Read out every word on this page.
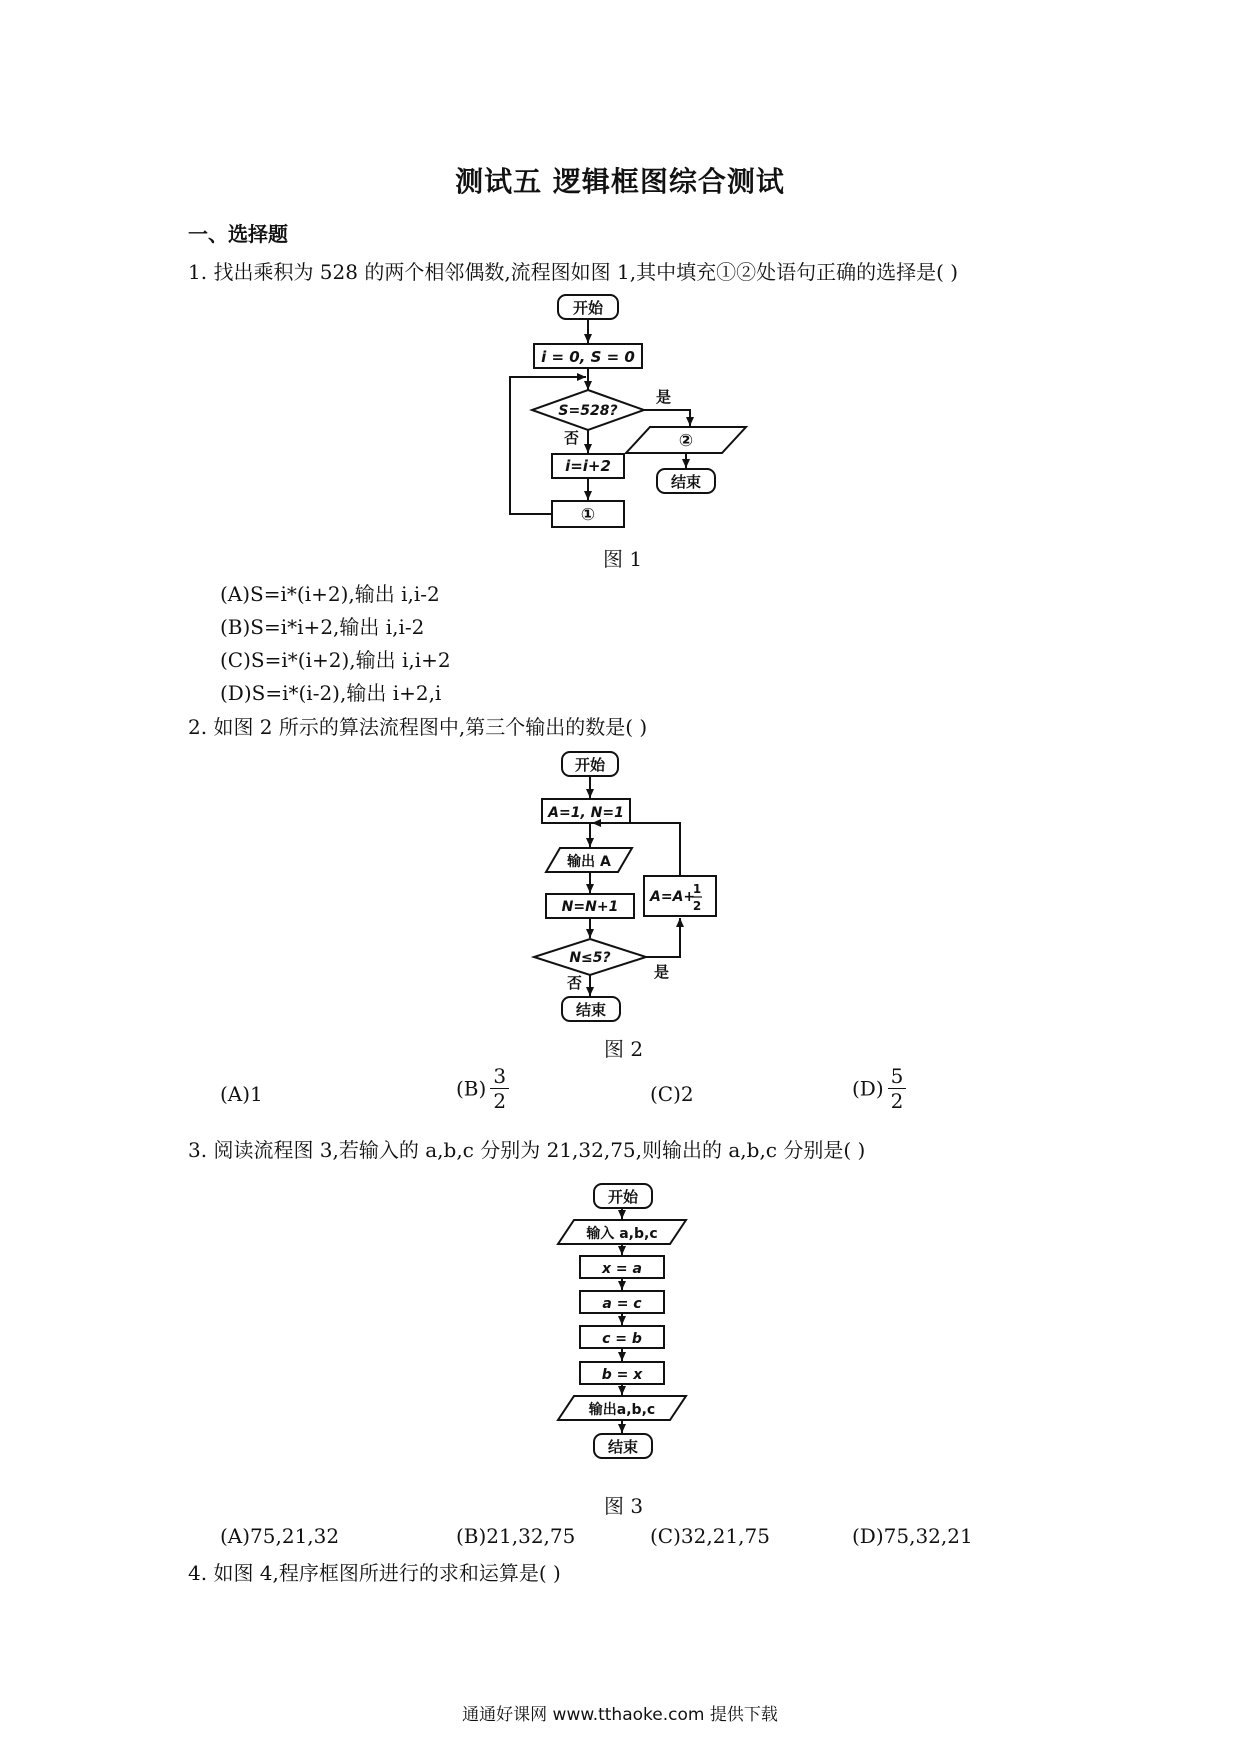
测试五 逻辑框图综合测试
一、选择题
1. 找出乘积为 528 的两个相邻偶数,流程图如图 1,其中填充①②处语句正确的选择是( )
开始
i = 0, S = 0
S=528?
是
否
i=i+2
①
②
结束
开始
A=1, N=1
输出 A
N=N+1
N≤5?
是
否
结束
A=A+
1
2
开始
输入 a,b,c
x = a
a = c
c = b
b = x
输出a,b,c
结束
图 1
(A)S=i*(i+2),输出 i,i-2
(B)S=i*i+2,输出 i,i-2
(C)S=i*(i+2),输出 i,i+2
(D)S=i*(i-2),输出 i+2,i
2. 如图 2 所示的算法流程图中,第三个输出的数是( )
图 2
(A)1	$(B) \frac{3}{2}$	(C)2	$(D) \frac{5}{2}$
3. 阅读流程图 3,若输入的 a,b,c 分别为 21,32,75,则输出的 a,b,c 分别是( )
图 3
(A)75,21,32	(B)21,32,75	(C)32,21,75	(D)75,32,21
4. 如图 4,程序框图所进行的求和运算是( )
通通好课网 www.tthaoke.com 提供下载
